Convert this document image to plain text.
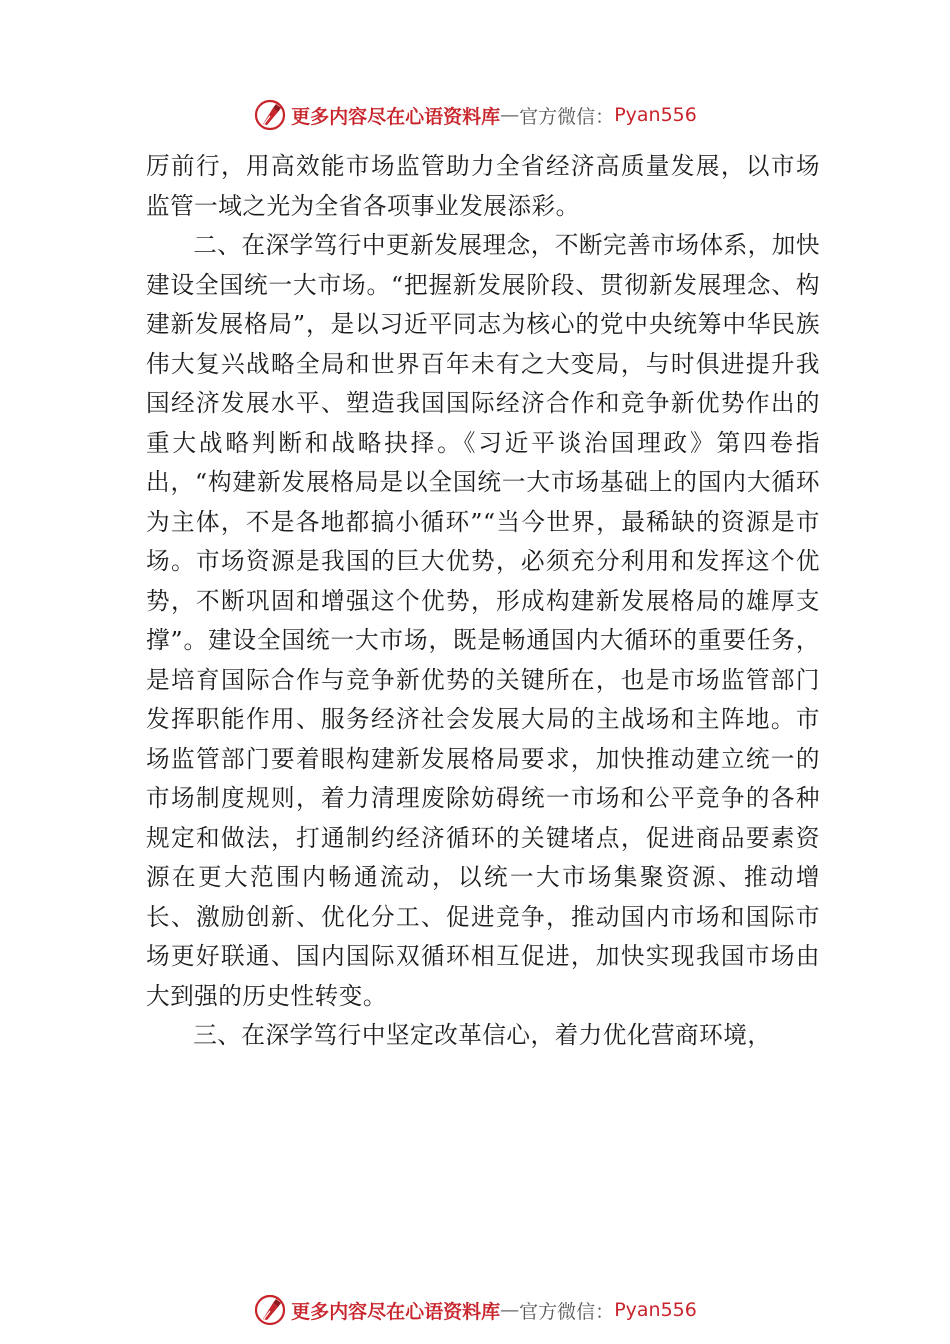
更多内容尽在心语资料库 — 官方微信： Pyan556

厉前行，用高效能市场监管助力全省经济高质量发展，以市场监管一域之光为全省各项事业发展添彩。

二、在深学笃行中更新发展理念，不断完善市场体系，加快建设全国统一大市场。“把握新发展阶段、贯彻新发展理念、构建新发展格局”，是以习近平同志为核心的党中央统筹中华民族伟大复兴战略全局和世界百年未有之大变局，与时俱进提升我国经济发展水平、塑造我国国际经济合作和竞争新优势作出的重大战略判断和战略抉择。《习近平谈治国理政》第四卷指出，“构建新发展格局是以全国统一大市场基础上的国内大循环为主体，不是各地都搞小循环”“当今世界，最稀缺的资源是市场。市场资源是我国的巨大优势，必须充分利用和发挥这个优势，不断巩固和增强这个优势，形成构建新发展格局的雄厚支撑”。建设全国统一大市场，既是畅通国内大循环的重要任务，是培育国际合作与竞争新优势的关键所在，也是市场监管部门发挥职能作用、服务经济社会发展大局的主战场和主阵地。市场监管部门要着眼构建新发展格局要求，加快推动建立统一的市场制度规则，着力清理废除妨碍统一市场和公平竞争的各种规定和做法，打通制约经济循环的关键堵点，促进商品要素资源在更大范围内畅通流动，以统一大市场集聚资源、推动增长、激励创新、优化分工、促进竞争，推动国内市场和国际市场更好联通、国内国际双循环相互促进，加快实现我国市场由大到强的历史性转变。

三、在深学笃行中坚定改革信心，着力优化营商环境，

更多内容尽在心语资料库 — 官方微信： Pyan556
